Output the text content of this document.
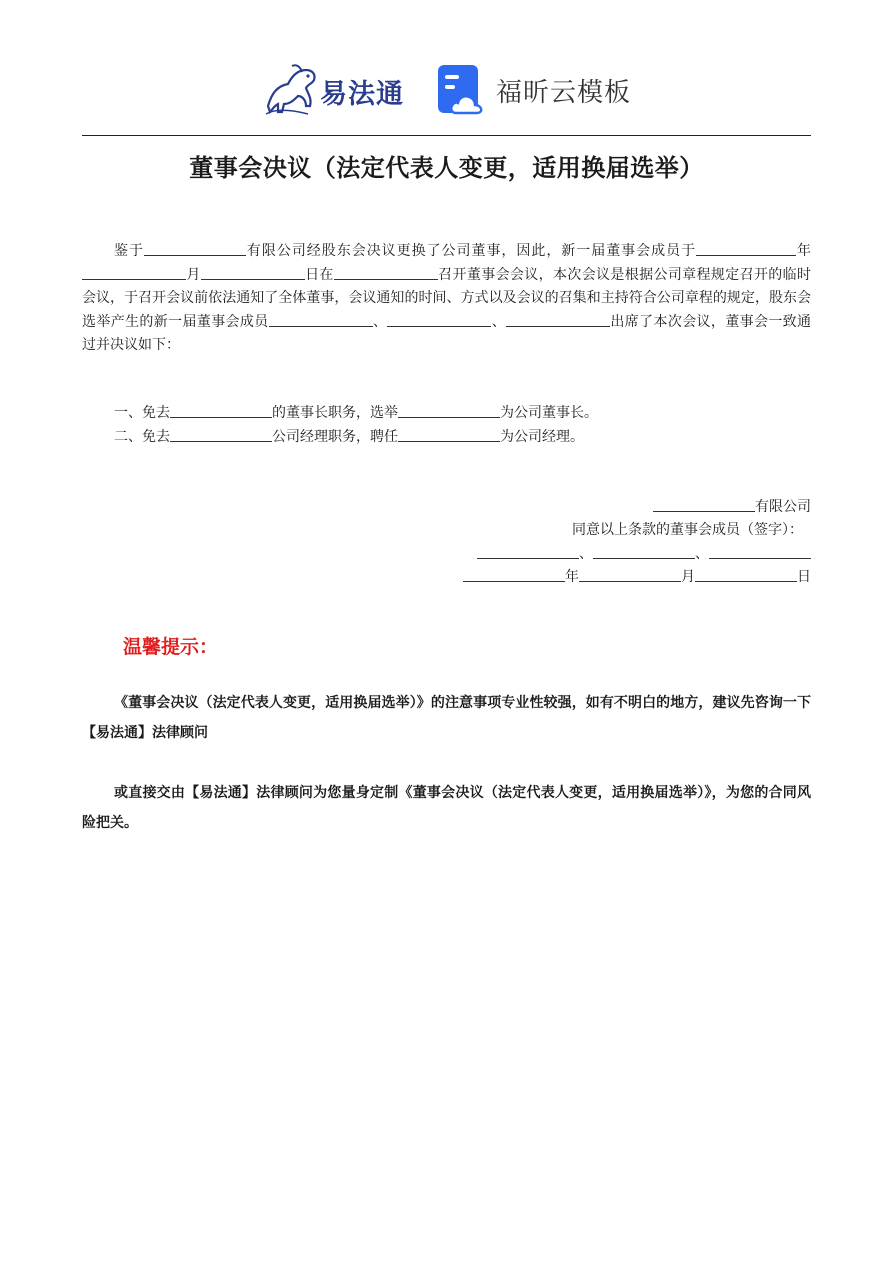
易法通	福昕云模板
董事会决议（法定代表人变更，适用换届选举）
鉴于	有限公司经股东会决议更换了公司董事，因此，新一届董事会成员于	年月	日在	召开董事会会议，本次会议是根据公司章程规定召开的临时会议，于召开会议前依法通知了全体董事，会议通知的时间、方式以及会议的召集和主持符合公司章程的规定，股东会选举产生的新一届董事会成员	、	、	出席了本次会议，董事会一致通过并决议如下：
一、免去	的董事长职务，选举	为公司董事长。
二、免去	公司经理职务，聘任	为公司经理。
有限公司
同意以上条款的董事会成员（签字）：
、	、
年	月	日
温馨提示：
《董事会决议（法定代表人变更，适用换届选举）》的注意事项专业性较强，如有不明白的地方，建议先咨询一下【易法通】法律顾问
或直接交由【易法通】法律顾问为您量身定制《董事会决议（法定代表人变更，适用换届选举）》，为您的合同风险把关。
